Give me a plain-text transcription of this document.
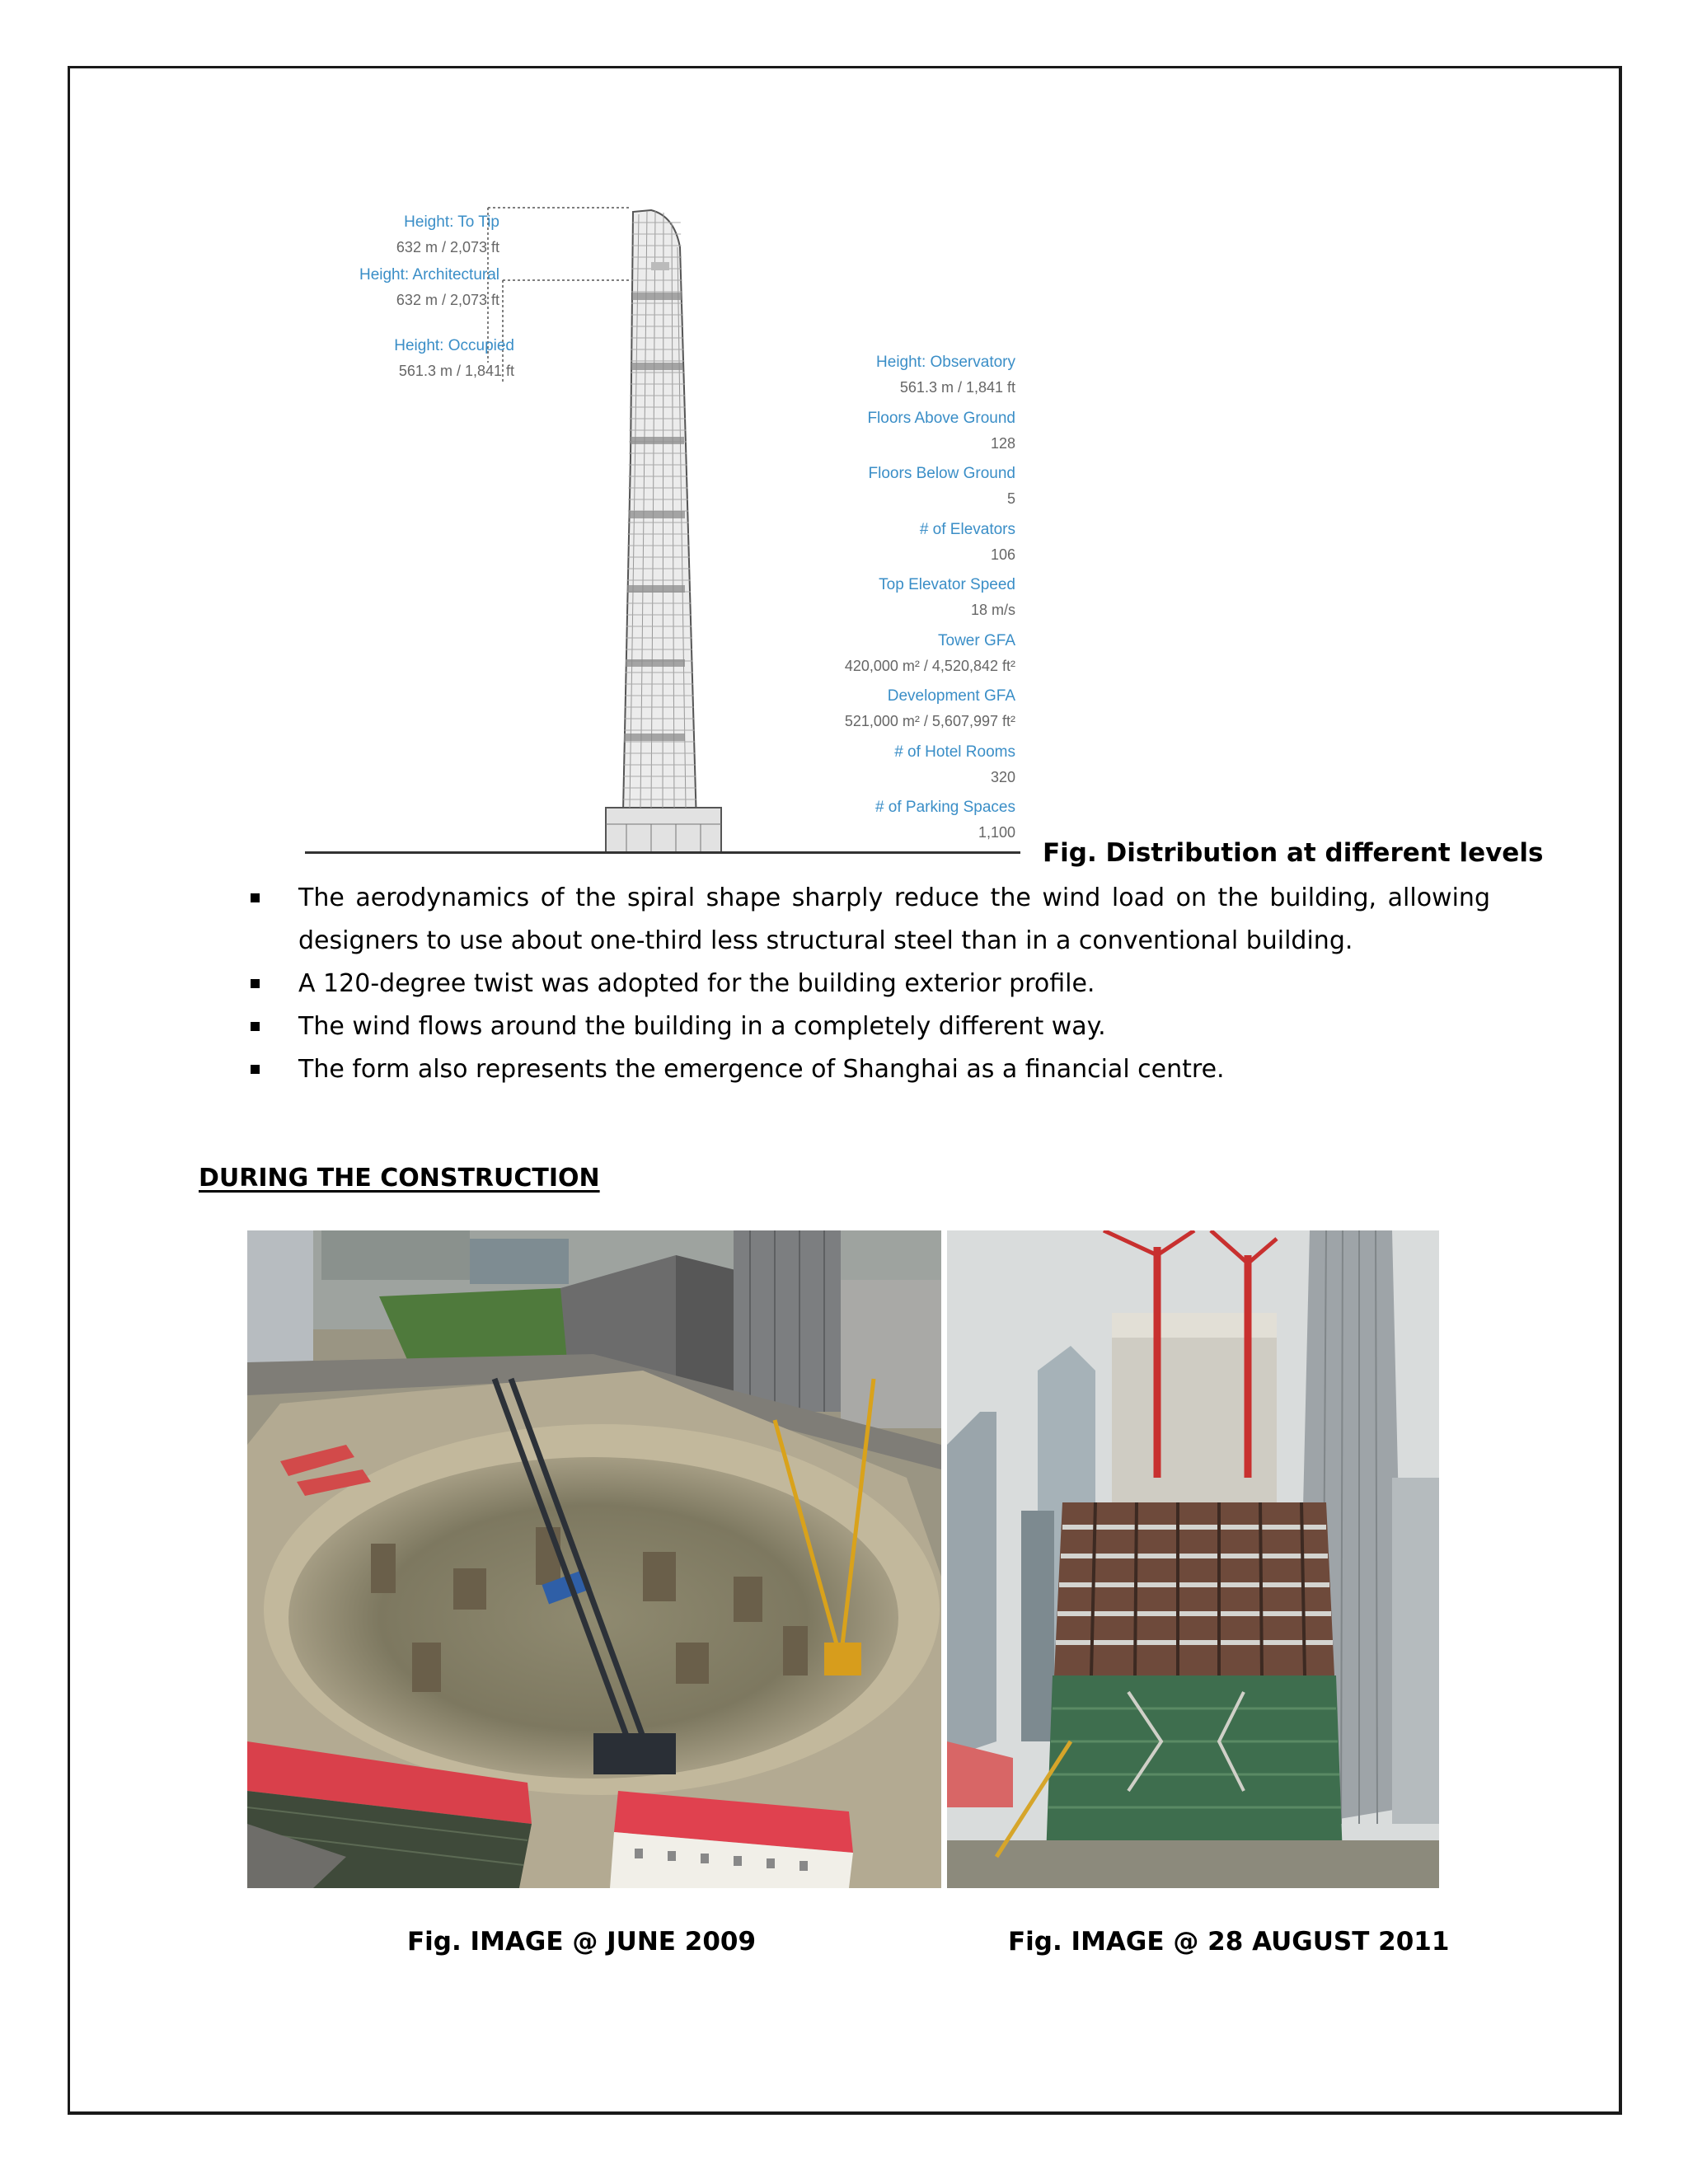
Height: To Tip
632 m / 2,073 ft
Height: Architectural
632 m / 2,073 ft
Height: Occupied
561.3 m / 1,841 ft	Height: Observatory
561.3 m / 1,841 ft
Floors Above Ground
128
Floors Below Ground
5
# of Elevators
106
Top Elevator Speed
18 m/s
Tower GFA
420,000 m² / 4,520,842 ft²
Development GFA
521,000 m² / 5,607,997 ft²
# of Hotel Rooms
320
# of Parking Spaces
1,100
Fig. Distribution at different levels
The aerodynamics of the spiral shape sharply reduce the wind load on the building, allowing designers to use about one-third less structural steel than in a conventional building.
A 120-degree twist was adopted for the building exterior profile.
The wind flows around the building in a completely different way.
The form also represents the emergence of Shanghai as a financial centre.
DURING THE CONSTRUCTION
Fig. IMAGE @ JUNE 2009	Fig. IMAGE @ 28 AUGUST 2011
